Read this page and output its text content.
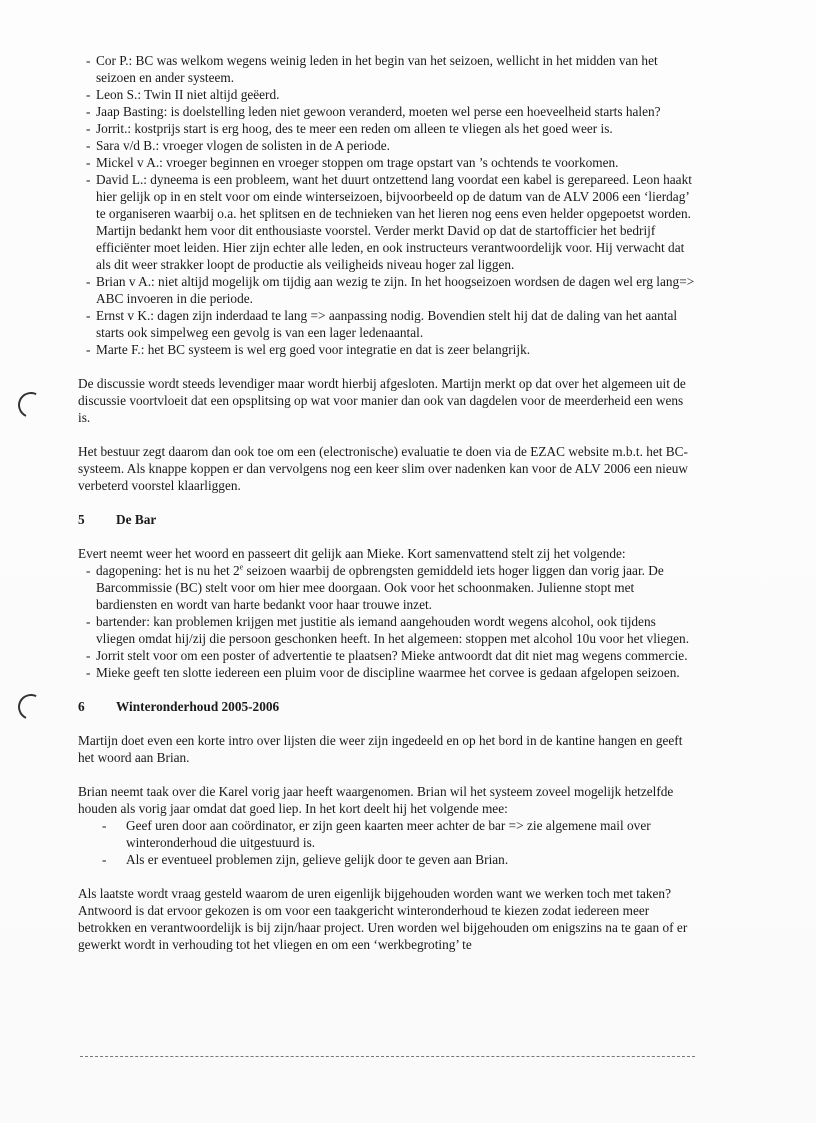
- Cor P.: BC was welkom wegens weinig leden in het begin van het seizoen, wellicht in het midden van het seizoen en ander systeem.
- Leon S.: Twin II niet altijd geëerd.
- Jaap Basting: is doelstelling leden niet gewoon veranderd, moeten wel perse een hoeveelheid starts halen?
- Jorrit.: kostprijs start is erg hoog, des te meer een reden om alleen te vliegen als het goed weer is.
- Sara v/d B.: vroeger vlogen de solisten in de A periode.
- Mickel v A.: vroeger beginnen en vroeger stoppen om trage opstart van ’s ochtends te voorkomen.
- David L.: dyneema is een probleem, want het duurt ontzettend lang voordat een kabel is gerepareed. Leon haakt hier gelijk op in en stelt voor om einde winterseizoen, bijvoorbeeld op de datum van de ALV 2006 een ‘lierdag’ te organiseren waarbij o.a. het splitsen en de technieken van het lieren nog eens even helder opgepoetst worden. Martijn bedankt hem voor dit enthousiaste voorstel. Verder merkt David op dat de startofficier het bedrijf efficiënter moet leiden. Hier zijn echter alle leden, en ook instructeurs verantwoordelijk voor. Hij verwacht dat als dit weer strakker loopt de productie als veiligheids niveau hoger zal liggen.
- Brian v A.: niet altijd mogelijk om tijdig aan wezig te zijn. In het hoogseizoen wordsen de dagen wel erg lang=> ABC invoeren in die periode.
- Ernst v K.: dagen zijn inderdaad te lang => aanpassing nodig. Bovendien stelt hij dat de daling van het aantal starts ook simpelweg een gevolg is van een lager ledenaantal.
- Marte F.: het BC systeem is wel erg goed voor integratie en dat is zeer belangrijk.

De discussie wordt steeds levendiger maar wordt hierbij afgesloten. Martijn merkt op dat over het algemeen uit de discussie voortvloeit dat een opsplitsing op wat voor manier dan ook van dagdelen voor de meerderheid een wens is.

Het bestuur zegt daarom dan ook toe om een (electronische) evaluatie te doen via de EZAC website m.b.t. het BC-systeem. Als knappe koppen er dan vervolgens nog een keer slim over nadenken kan voor de ALV 2006 een nieuw verbeterd voorstel klaarliggen.

5	De Bar

Evert neemt weer het woord en passeert dit gelijk aan Mieke. Kort samenvattend stelt zij het volgende:

- dagopening: het is nu het 2e seizoen waarbij de opbrengsten gemiddeld iets hoger liggen dan vorig jaar. De Barcommissie (BC) stelt voor om hier mee doorgaan. Ook voor het schoonmaken. Julienne stopt met bardiensten en wordt van harte bedankt voor haar trouwe inzet.
- bartender: kan problemen krijgen met justitie als iemand aangehouden wordt wegens alcohol, ook tijdens vliegen omdat hij/zij die persoon geschonken heeft. In het algemeen: stoppen met alcohol 10u voor het vliegen.
- Jorrit stelt voor om een poster of advertentie te plaatsen? Mieke antwoordt dat dit niet mag wegens commercie.
- Mieke geeft ten slotte iedereen een pluim voor de discipline waarmee het corvee is gedaan afgelopen seizoen.
6	Winteronderhoud 2005-2006

Martijn doet even een korte intro over lijsten die weer zijn ingedeeld en op het bord in de kantine hangen en geeft het woord aan Brian.

Brian neemt taak over die Karel vorig jaar heeft waargenomen. Brian wil het systeem zoveel mogelijk hetzelfde houden als vorig jaar omdat dat goed liep. In het kort deelt hij het volgende mee:

- Geef uren door aan coördinator, er zijn geen kaarten meer achter de bar => zie algemene mail over winteronderhoud die uitgestuurd is.
- Als er eventueel problemen zijn, gelieve gelijk door te geven aan Brian.

Als laatste wordt vraag gesteld waarom de uren eigenlijk bijgehouden worden want we werken toch met taken? Antwoord is dat ervoor gekozen is om voor een taakgericht winteronderhoud te kiezen zodat iedereen meer betrokken en verantwoordelijk is bij zijn/haar project. Uren worden wel bijgehouden om enigszins na te gaan of er gewerkt wordt in verhouding tot het vliegen en om een ‘werkbegroting’ te
